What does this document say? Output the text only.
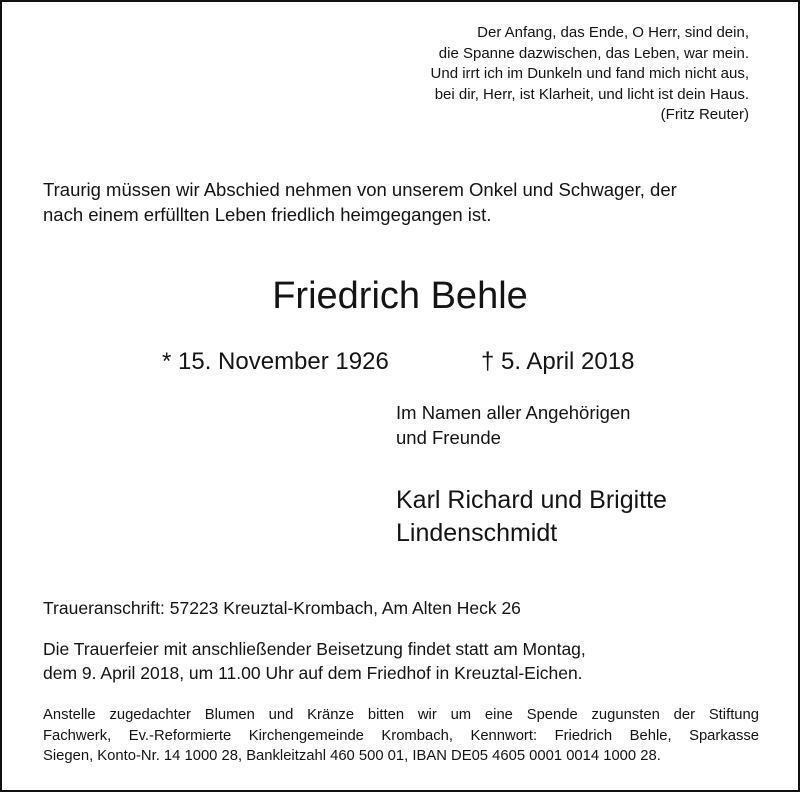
Der Anfang, das Ende, O Herr, sind dein,
die Spanne dazwischen, das Leben, war mein.
Und irrt ich im Dunkeln und fand mich nicht aus,
bei dir, Herr, ist Klarheit, und licht ist dein Haus.
(Fritz Reuter)
Traurig müssen wir Abschied nehmen von unserem Onkel und Schwager, der
nach einem erfüllten Leben friedlich heimgegangen ist.
Friedrich Behle
* 15. November 1926	† 5. April 2018
Im Namen aller Angehörigen
und Freunde
Karl Richard und Brigitte
Lindenschmidt
Traueranschrift: 57223 Kreuztal-Krombach, Am Alten Heck 26
Die Trauerfeier mit anschließender Beisetzung findet statt am Montag,
dem 9. April 2018, um 11.00 Uhr auf dem Friedhof in Kreuztal-Eichen.
Anstelle zugedachter Blumen und Kränze bitten wir um eine Spende zugunsten der Stiftung
Fachwerk, Ev.-Reformierte Kirchengemeinde Krombach, Kennwort: Friedrich Behle, Sparkasse
Siegen, Konto-Nr. 14 1000 28, Bankleitzahl 460 500 01, IBAN DE05 4605 0001 0014 1000 28.
